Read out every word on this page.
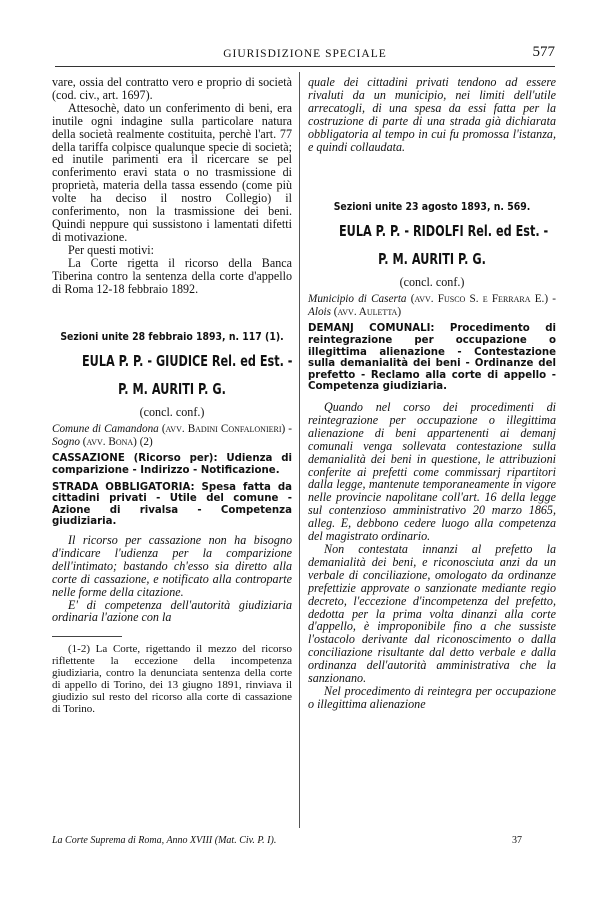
GIURISDIZIONE SPECIALE	577

vare, ossia del contratto vero e proprio di società (cod. civ., art. 1697).

Attesochè, dato un conferimento di beni, era inutile ogni indagine sulla particolare natura della società realmente costituita, perchè l'art. 77 della tariffa colpisce qualunque specie di società; ed inutile parimenti era il ricercare se pel conferimento eravi stata o no trasmissione di proprietà, materia della tassa essendo (come più volte ha deciso il nostro Collegio) il conferimento, non la trasmissione dei beni. Quindi neppure qui sussistono i lamentati difetti di motivazione.

Per questi motivi:

La Corte rigetta il ricorso della Banca Tiberina contro la sentenza della corte d'appello di Roma 12-18 febbraio 1892.

Sezioni unite 28 febbraio 1893, n. 117 (1).
EULA P. P. - GIUDICE Rel. ed Est. -
P. M. AURITI P. G.
(concl. conf.)

Comune di Camandona (avv. Badini Confalonieri) - Sogno (avv. Bona) (2)

CASSAZIONE (Ricorso per): Udienza di comparizione - Indirizzo - Notificazione.
STRADA OBBLIGATORIA: Spesa fatta da cittadini privati - Utile del comune - Azione di rivalsa - Competenza giudiziaria.

Il ricorso per cassazione non ha bisogno d'indicare l'udienza per la comparizione dell'intimato; bastando ch'esso sia diretto alla corte di cassazione, e notificato alla controparte nelle forme della citazione.

E' di competenza dell'autorità giudiziaria ordinaria l'azione con la

(1-2) La Corte, rigettando il mezzo del ricorso riflettente la eccezione della incompetenza giudiziaria, contro la denunciata sentenza della corte di appello di Torino, dei 13 giugno 1891, rinviava il giudizio sul resto del ricorso alla corte di cassazione di Torino.

quale dei cittadini privati tendono ad essere rivaluti da un municipio, nei limiti dell'utile arrecatogli, di una spesa da essi fatta per la costruzione di parte di una strada già dichiarata obbligatoria al tempo in cui fu promossa l'istanza, e quindi collaudata.

Sezioni unite 23 agosto 1893, n. 569.
EULA P. P. - RIDOLFI Rel. ed Est. -
P. M. AURITI P. G.
(concl. conf.)

Municipio di Caserta (avv. Fusco S. e Ferrara E.) - Alois (avv. Auletta)

DEMANJ COMUNALI: Procedimento di reintegrazione per occupazione o illegittima alienazione - Contestazione sulla demanialità dei beni - Ordinanze del prefetto - Reclamo alla corte di appello - Competenza giudiziaria.

Quando nel corso dei procedimenti di reintegrazione per occupazione o illegittima alienazione di beni appartenenti ai demanj comunali venga sollevata contestazione sulla demanialità dei beni in questione, le attribuzioni conferite ai prefetti come commissarj ripartitori dalla legge, mantenute temporaneamente in vigore nelle provincie napolitane coll'art. 16 della legge sul contenzioso amministrativo 20 marzo 1865, alleg. E, debbono cedere luogo alla competenza del magistrato ordinario.

Non contestata innanzi al prefetto la demanialità dei beni, e riconosciuta anzi da un verbale di conciliazione, omologato da ordinanze prefettizie approvate o sanzionate mediante regio decreto, l'eccezione d'incompetenza del prefetto, dedotta per la prima volta dinanzi alla corte d'appello, è improponibile fino a che sussiste l'ostacolo derivante dal riconoscimento o dalla conciliazione risultante dal detto verbale e dalla ordinanza dell'autorità amministrativa che la sanzionano.

Nel procedimento di reintegra per occupazione o illegittima alienazione

La Corte Suprema di Roma, Anno XVIII (Mat. Civ. P. I).	37
